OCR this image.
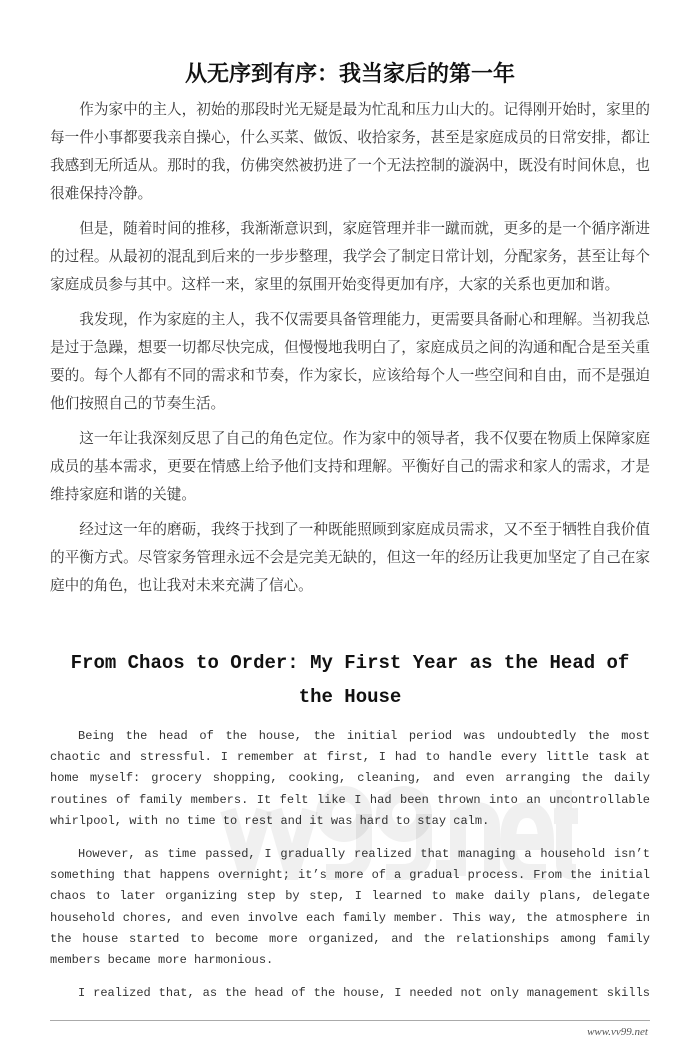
从无序到有序：我当家后的第一年

作为家中的主人，初始的那段时光无疑是最为忙乱和压力山大的。记得刚开始时，家里的每一件小事都要我亲自操心，什么买菜、做饭、收拾家务，甚至是家庭成员的日常安排，都让我感到无所适从。那时的我，仿佛突然被扔进了一个无法控制的漩涡中，既没有时间休息，也很难保持冷静。

但是，随着时间的推移，我渐渐意识到，家庭管理并非一蹴而就，更多的是一个循序渐进的过程。从最初的混乱到后来的一步步整理，我学会了制定日常计划，分配家务，甚至让每个家庭成员参与其中。这样一来，家里的氛围开始变得更加有序，大家的关系也更加和谐。

我发现，作为家庭的主人，我不仅需要具备管理能力，更需要具备耐心和理解。当初我总是过于急躁，想要一切都尽快完成，但慢慢地我明白了，家庭成员之间的沟通和配合是至关重要的。每个人都有不同的需求和节奏，作为家长，应该给每个人一些空间和自由，而不是强迫他们按照自己的节奏生活。

这一年让我深刻反思了自己的角色定位。作为家中的领导者，我不仅要在物质上保障家庭成员的基本需求，更要在情感上给予他们支持和理解。平衡好自己的需求和家人的需求，才是维持家庭和谐的关键。

经过这一年的磨砺，我终于找到了一种既能照顾到家庭成员需求，又不至于牺牲自我价值的平衡方式。尽管家务管理永远不会是完美无缺的，但这一年的经历让我更加坚定了自己在家庭中的角色，也让我对未来充满了信心。

From Chaos to Order: My First Year as the Head of the House

Being the head of the house, the initial period was undoubtedly the most chaotic and stressful. I remember at first, I had to handle every little task at home myself: grocery shopping, cooking, cleaning, and even arranging the daily routines of family members. It felt like I had been thrown into an uncontrollable whirlpool, with no time to rest and it was hard to stay calm.

However, as time passed, I gradually realized that managing a household isn’t something that happens overnight; it’s more of a gradual process. From the initial chaos to later organizing step by step, I learned to make daily plans, delegate household chores, and even involve each family member. This way, the atmosphere in the house started to become more organized, and the relationships among family members became more harmonious.

I realized that, as the head of the house, I needed not only management skills

www.vv99.net
